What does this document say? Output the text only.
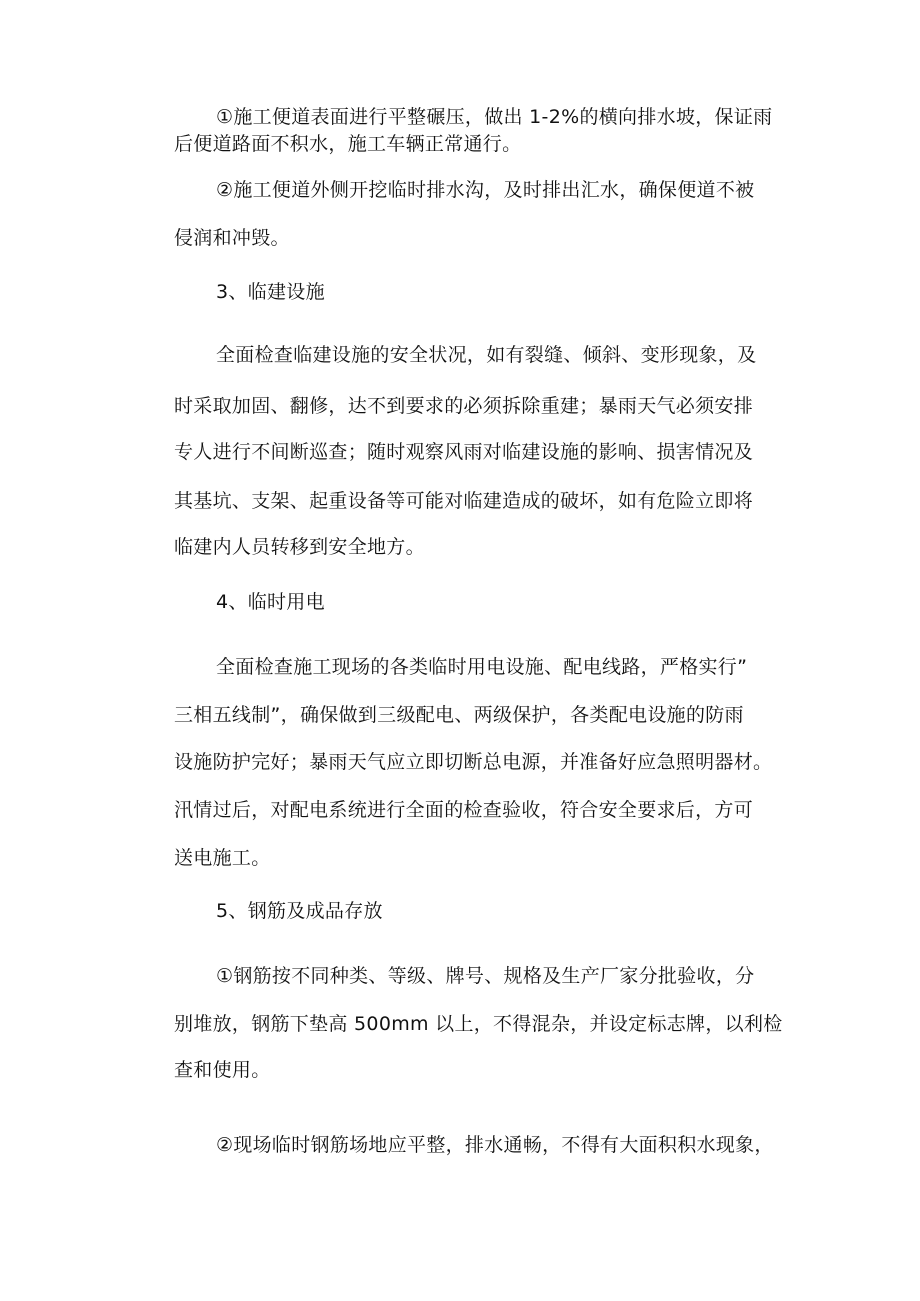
①施工便道表面进行平整碾压，做出 1-2%的横向排水坡，保证雨
后便道路面不积水，施工车辆正常通行。
②施工便道外侧开挖临时排水沟，及时排出汇水，确保便道不被
侵润和冲毁。
3、临建设施
全面检查临建设施的安全状况，如有裂缝、倾斜、变形现象，及
时采取加固、翻修，达不到要求的必须拆除重建；暴雨天气必须安排
专人进行不间断巡查；随时观察风雨对临建设施的影响、损害情况及
其基坑、支架、起重设备等可能对临建造成的破坏，如有危险立即将
临建内人员转移到安全地方。
4、临时用电
全面检查施工现场的各类临时用电设施、配电线路，严格实行”
三相五线制”，确保做到三级配电、两级保护，各类配电设施的防雨
设施防护完好；暴雨天气应立即切断总电源，并准备好应急照明器材。
汛情过后，对配电系统进行全面的检查验收，符合安全要求后，方可
送电施工。
5、钢筋及成品存放
①钢筋按不同种类、等级、牌号、规格及生产厂家分批验收，分
别堆放，钢筋下垫高 500mm 以上，不得混杂，并设定标志牌，以利检
查和使用。
②现场临时钢筋场地应平整，排水通畅，不得有大面积积水现象，
